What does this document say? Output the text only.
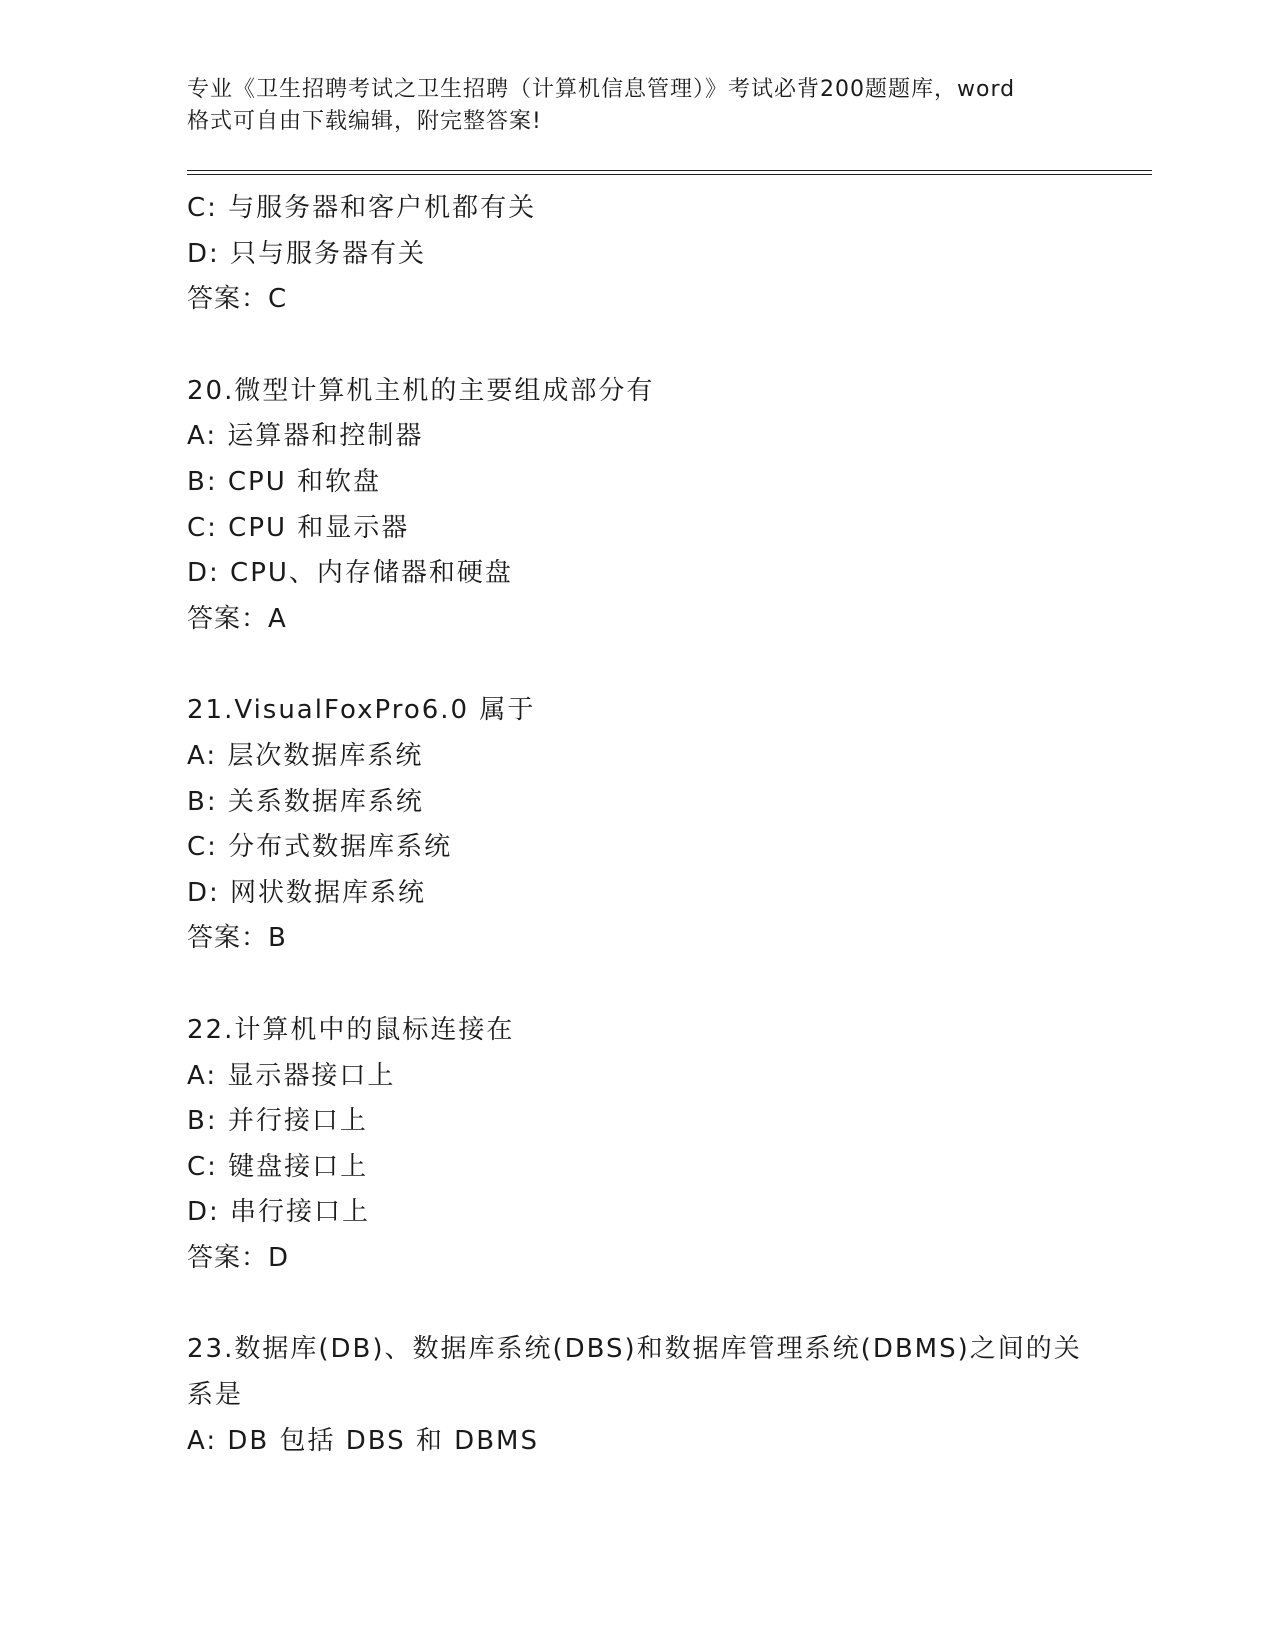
专业《卫生招聘考试之卫生招聘（计算机信息管理）》考试必背200题题库，word
格式可自由下载编辑，附完整答案!
C: 与服务器和客户机都有关
D: 只与服务器有关
答案：C
20.微型计算机主机的主要组成部分有
A: 运算器和控制器
B: CPU 和软盘
C: CPU 和显示器
D: CPU、内存储器和硬盘
答案：A
21.VisualFoxPro6.0 属于
A: 层次数据库系统
B: 关系数据库系统
C: 分布式数据库系统
D: 网状数据库系统
答案：B
22.计算机中的鼠标连接在
A: 显示器接口上
B: 并行接口上
C: 键盘接口上
D: 串行接口上
答案：D
23.数据库(DB)、数据库系统(DBS)和数据库管理系统(DBMS)之间的关
系是
A: DB 包括 DBS 和 DBMS
